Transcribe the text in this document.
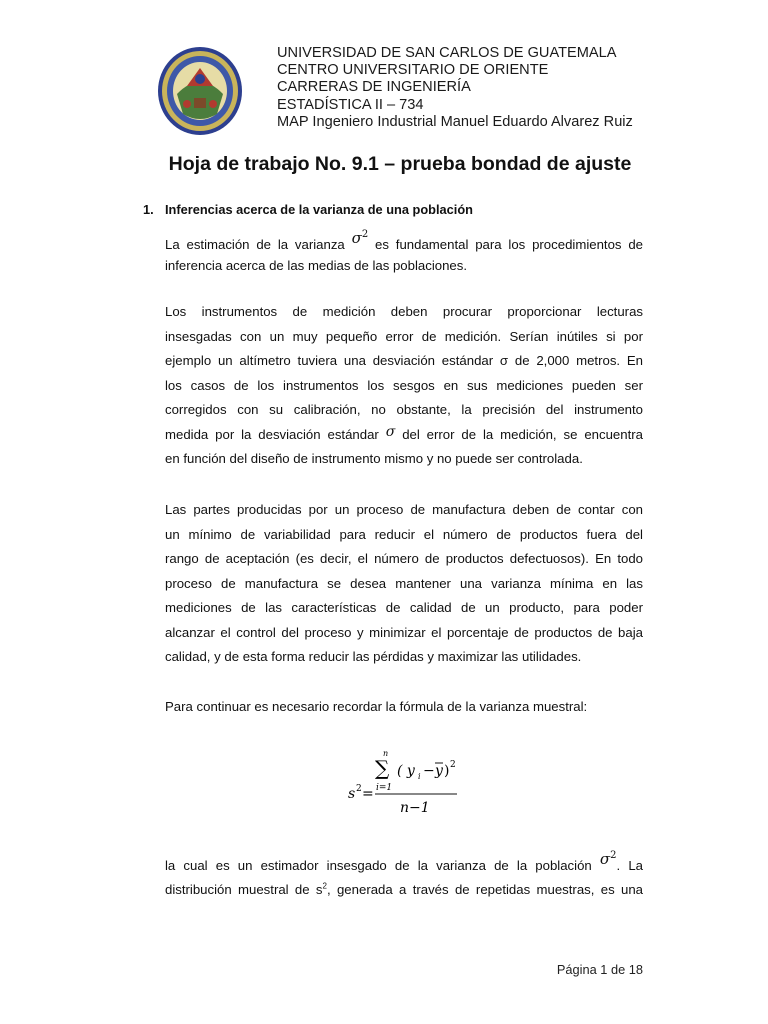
UNIVERSIDAD DE SAN CARLOS DE GUATEMALA
CENTRO UNIVERSITARIO DE ORIENTE
CARRERAS DE INGENIERÍA
ESTADÍSTICA II – 734
MAP Ingeniero Industrial Manuel Eduardo Alvarez Ruiz
Hoja de trabajo No. 9.1 – prueba bondad de ajuste
1. Inferencias acerca de la varianza de una población
La estimación de la varianza $\sigma^2$ es fundamental para los procedimientos de
inferencia acerca de las medias de las poblaciones.
Los instrumentos de medición deben procurar proporcionar lecturas
insesgadas con un muy pequeño error de medición. Serían inútiles si por
ejemplo un altímetro tuviera una desviación estándar σ de 2,000 metros. En
los casos de los instrumentos los sesgos en sus mediciones pueden ser
corregidos con su calibración, no obstante, la precisión del instrumento
medida por la desviación estándar σ del error de la medición, se encuentra
en función del diseño de instrumento mismo y no puede ser controlada.
Las partes producidas por un proceso de manufactura deben de contar con
un mínimo de variabilidad para reducir el número de productos fuera del
rango de aceptación (es decir, el número de productos defectuosos). En todo
proceso de manufactura se desea mantener una varianza mínima en las
mediciones de las características de calidad de un producto, para poder
alcanzar el control del proceso y minimizar el porcentaje de productos de baja
calidad, y de esta forma reducir las pérdidas y maximizar las utilidades.
Para continuar es necesario recordar la fórmula de la varianza muestral:
s 2 =
n
∑
i=1
( y i − y ) 2
n−1
la cual es un estimador insesgado de la varianza de la población $\sigma^2$. La
distribución muestral de $s^2$, generada a través de repetidas muestras, es una
Página 1 de 18
